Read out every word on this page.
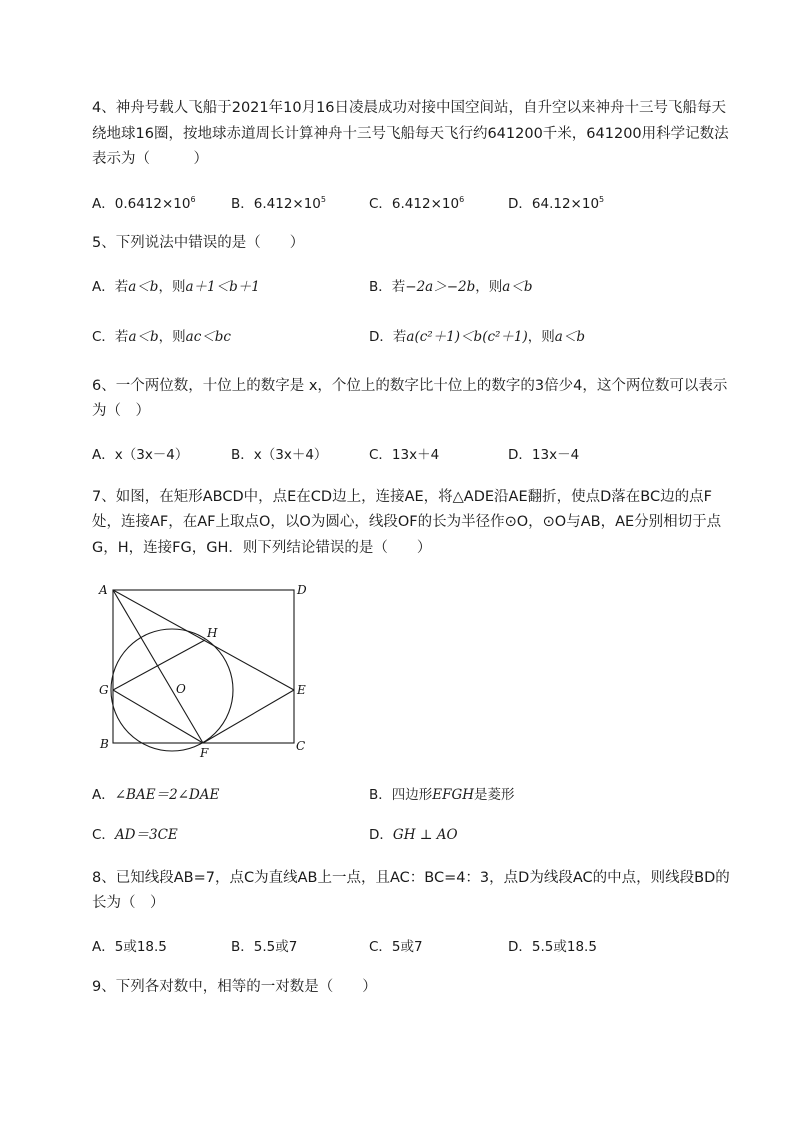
4、神舟号载人飞船于2021年10月16日凌晨成功对接中国空间站，自升空以来神舟十三号飞船每天
绕地球16圈，按地球赤道周长计算神舟十三号飞船每天飞行约641200千米，641200用科学记数法
表示为（　　　）
A．$0.6412\times 10^6$	B．$6.412\times 10^5$	C．$6.412\times 10^6$	D．$64.12\times 10^5$
5、下列说法中错误的是（　　）
A．若a＜b，则a＋1＜b＋1	B．若−2a＞−2b，则a＜b
C．若a＜b，则ac＜bc	D．若a(c²＋1)＜b(c²＋1)，则a＜b
6、一个两位数，十位上的数字是 x，个位上的数字比十位上的数字的3倍少4，这个两位数可以表示
为（　）
A．x（3x－4）	B．x（3x＋4）	C．13x＋4	D．13x－4
7、如图，在矩形ABCD中，点E在CD边上，连接AE，将△ADE沿AE翻折，使点D落在BC边的点F
处，连接AF，在AF上取点O，以O为圆心，线段OF的长为半径作⊙O，⊙O与AB，AE分别相切于点
G，H，连接FG，GH．则下列结论错误的是（　　）
A	D
H
G	O	E
B
F	C
A．∠BAE＝2∠DAE	B．四边形EFGH是菱形
C．AD＝3CE	D．GH ⊥ AO
8、已知线段AB=7，点C为直线AB上一点，且AC：BC=4：3，点D为线段AC的中点，则线段BD的
长为（　）
A．5或18.5	B．5.5或7	C．5或7	D．5.5或18.5
9、下列各对数中，相等的一对数是（　　）
